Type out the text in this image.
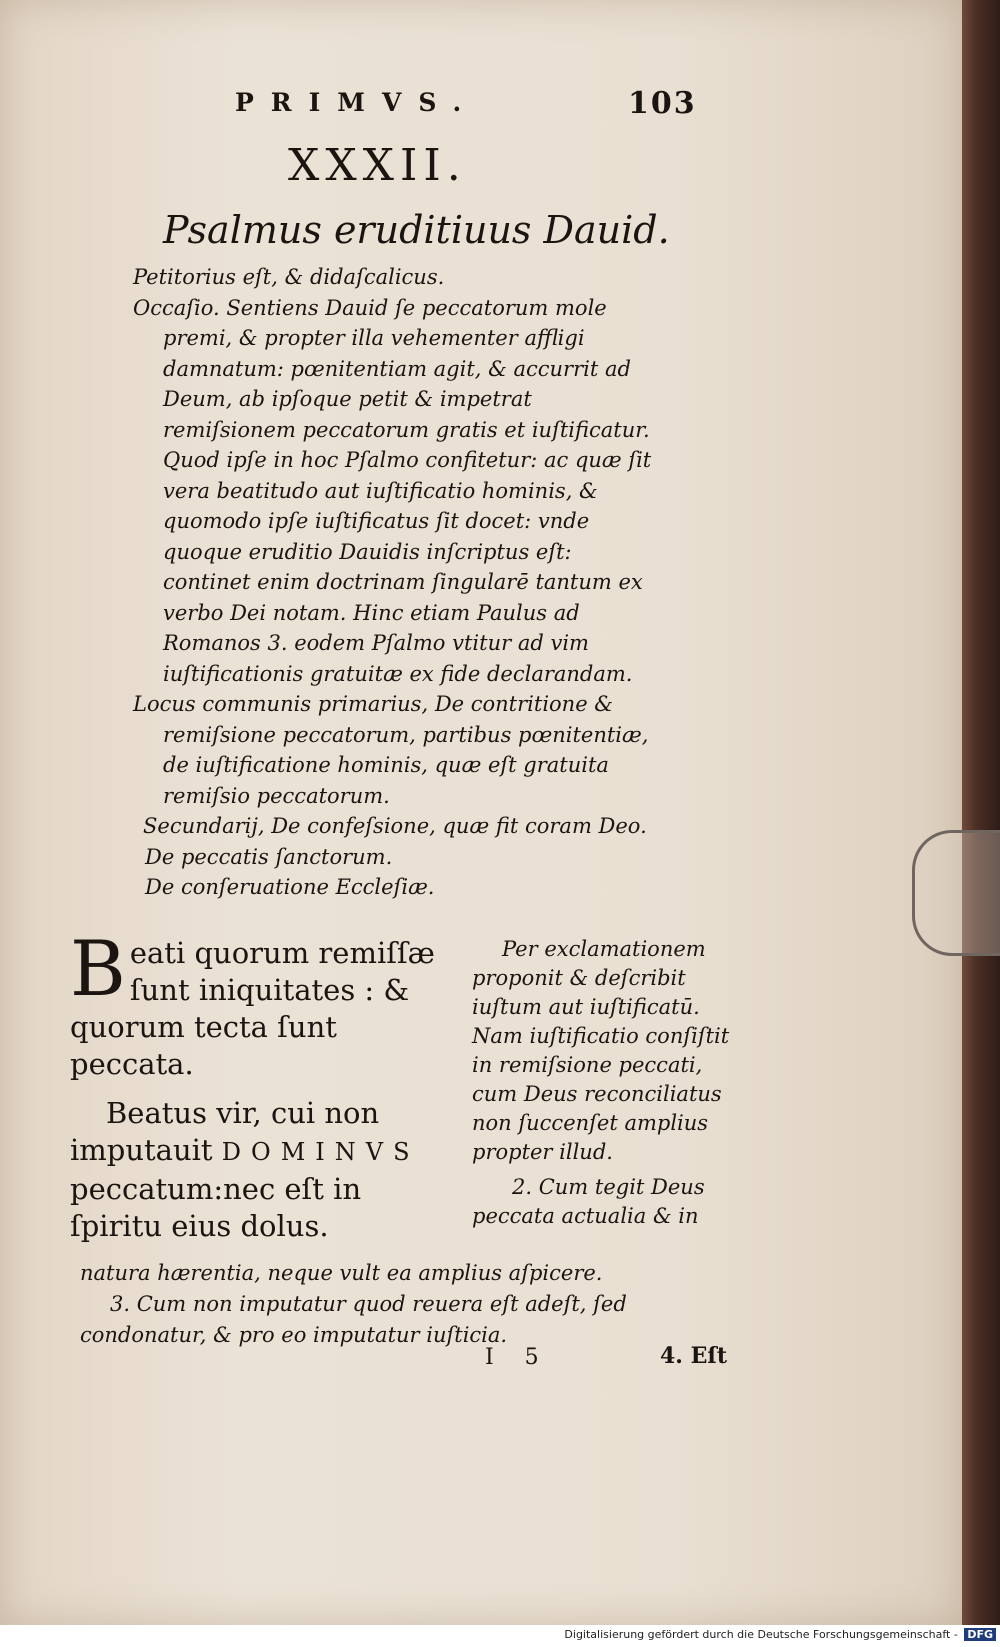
PRIMVS.	103
XXXII.
Psalmus eruditiuus Dauid.

Petitorius eſt, & didaſcalicus.

Occaſio. Sentiens Dauid ſe peccatorum mole premi, & propter illa vehementer affligi damnatum: pœnitentiam agit, & accurrit ad Deum, ab ipſoque petit & impetrat remiſsionem peccatorum gratis et iuſtificatur. Quod ipſe in hoc Pſalmo confitetur: ac quæ ſit vera beatitudo aut iuſtificatio hominis, & quomodo ipſe iuſtificatus ſit docet: vnde quoque eruditio Dauidis inſcriptus eſt: continet enim doctrinam ſingularē tantum ex verbo Dei notam. Hinc etiam Paulus ad Romanos 3. eodem Pſalmo vtitur ad vim iuſtificationis gratuitæ ex fide declarandam.

Locus communis primarius, De contritione & remiſsione peccatorum, partibus pœnitentiæ, de iuſtificatione hominis, quæ eſt gratuita remiſsio peccatorum.

Secundarij, De confeſsione, quæ fit coram Deo.

De peccatis ſanctorum.

De conſeruatione Eccleſiæ.

B eati quorum remiſſæ ſunt iniquitates : & quorum tecta ſunt peccata.

Beatus vir, cui non imputauit DOMINVS peccatum:nec eſt in ſpiritu eius dolus.

Per exclamationem proponit & deſcribit iuſtum aut iuſtificatū. Nam iuſtificatio conſiſtit in remiſsione peccati, cum Deus reconciliatus non ſuccenſet amplius propter illud.

2. Cum tegit Deus peccata actualia & in

natura hærentia, neque vult ea amplius aſpicere.

3. Cum non imputatur quod reuera eſt adeſt, ſed condonatur, & pro eo imputatur iuſticia.

I 5	4. Eſt
Digitalisierung gefördert durch die Deutsche Forschungsgemeinschaft - DFG
